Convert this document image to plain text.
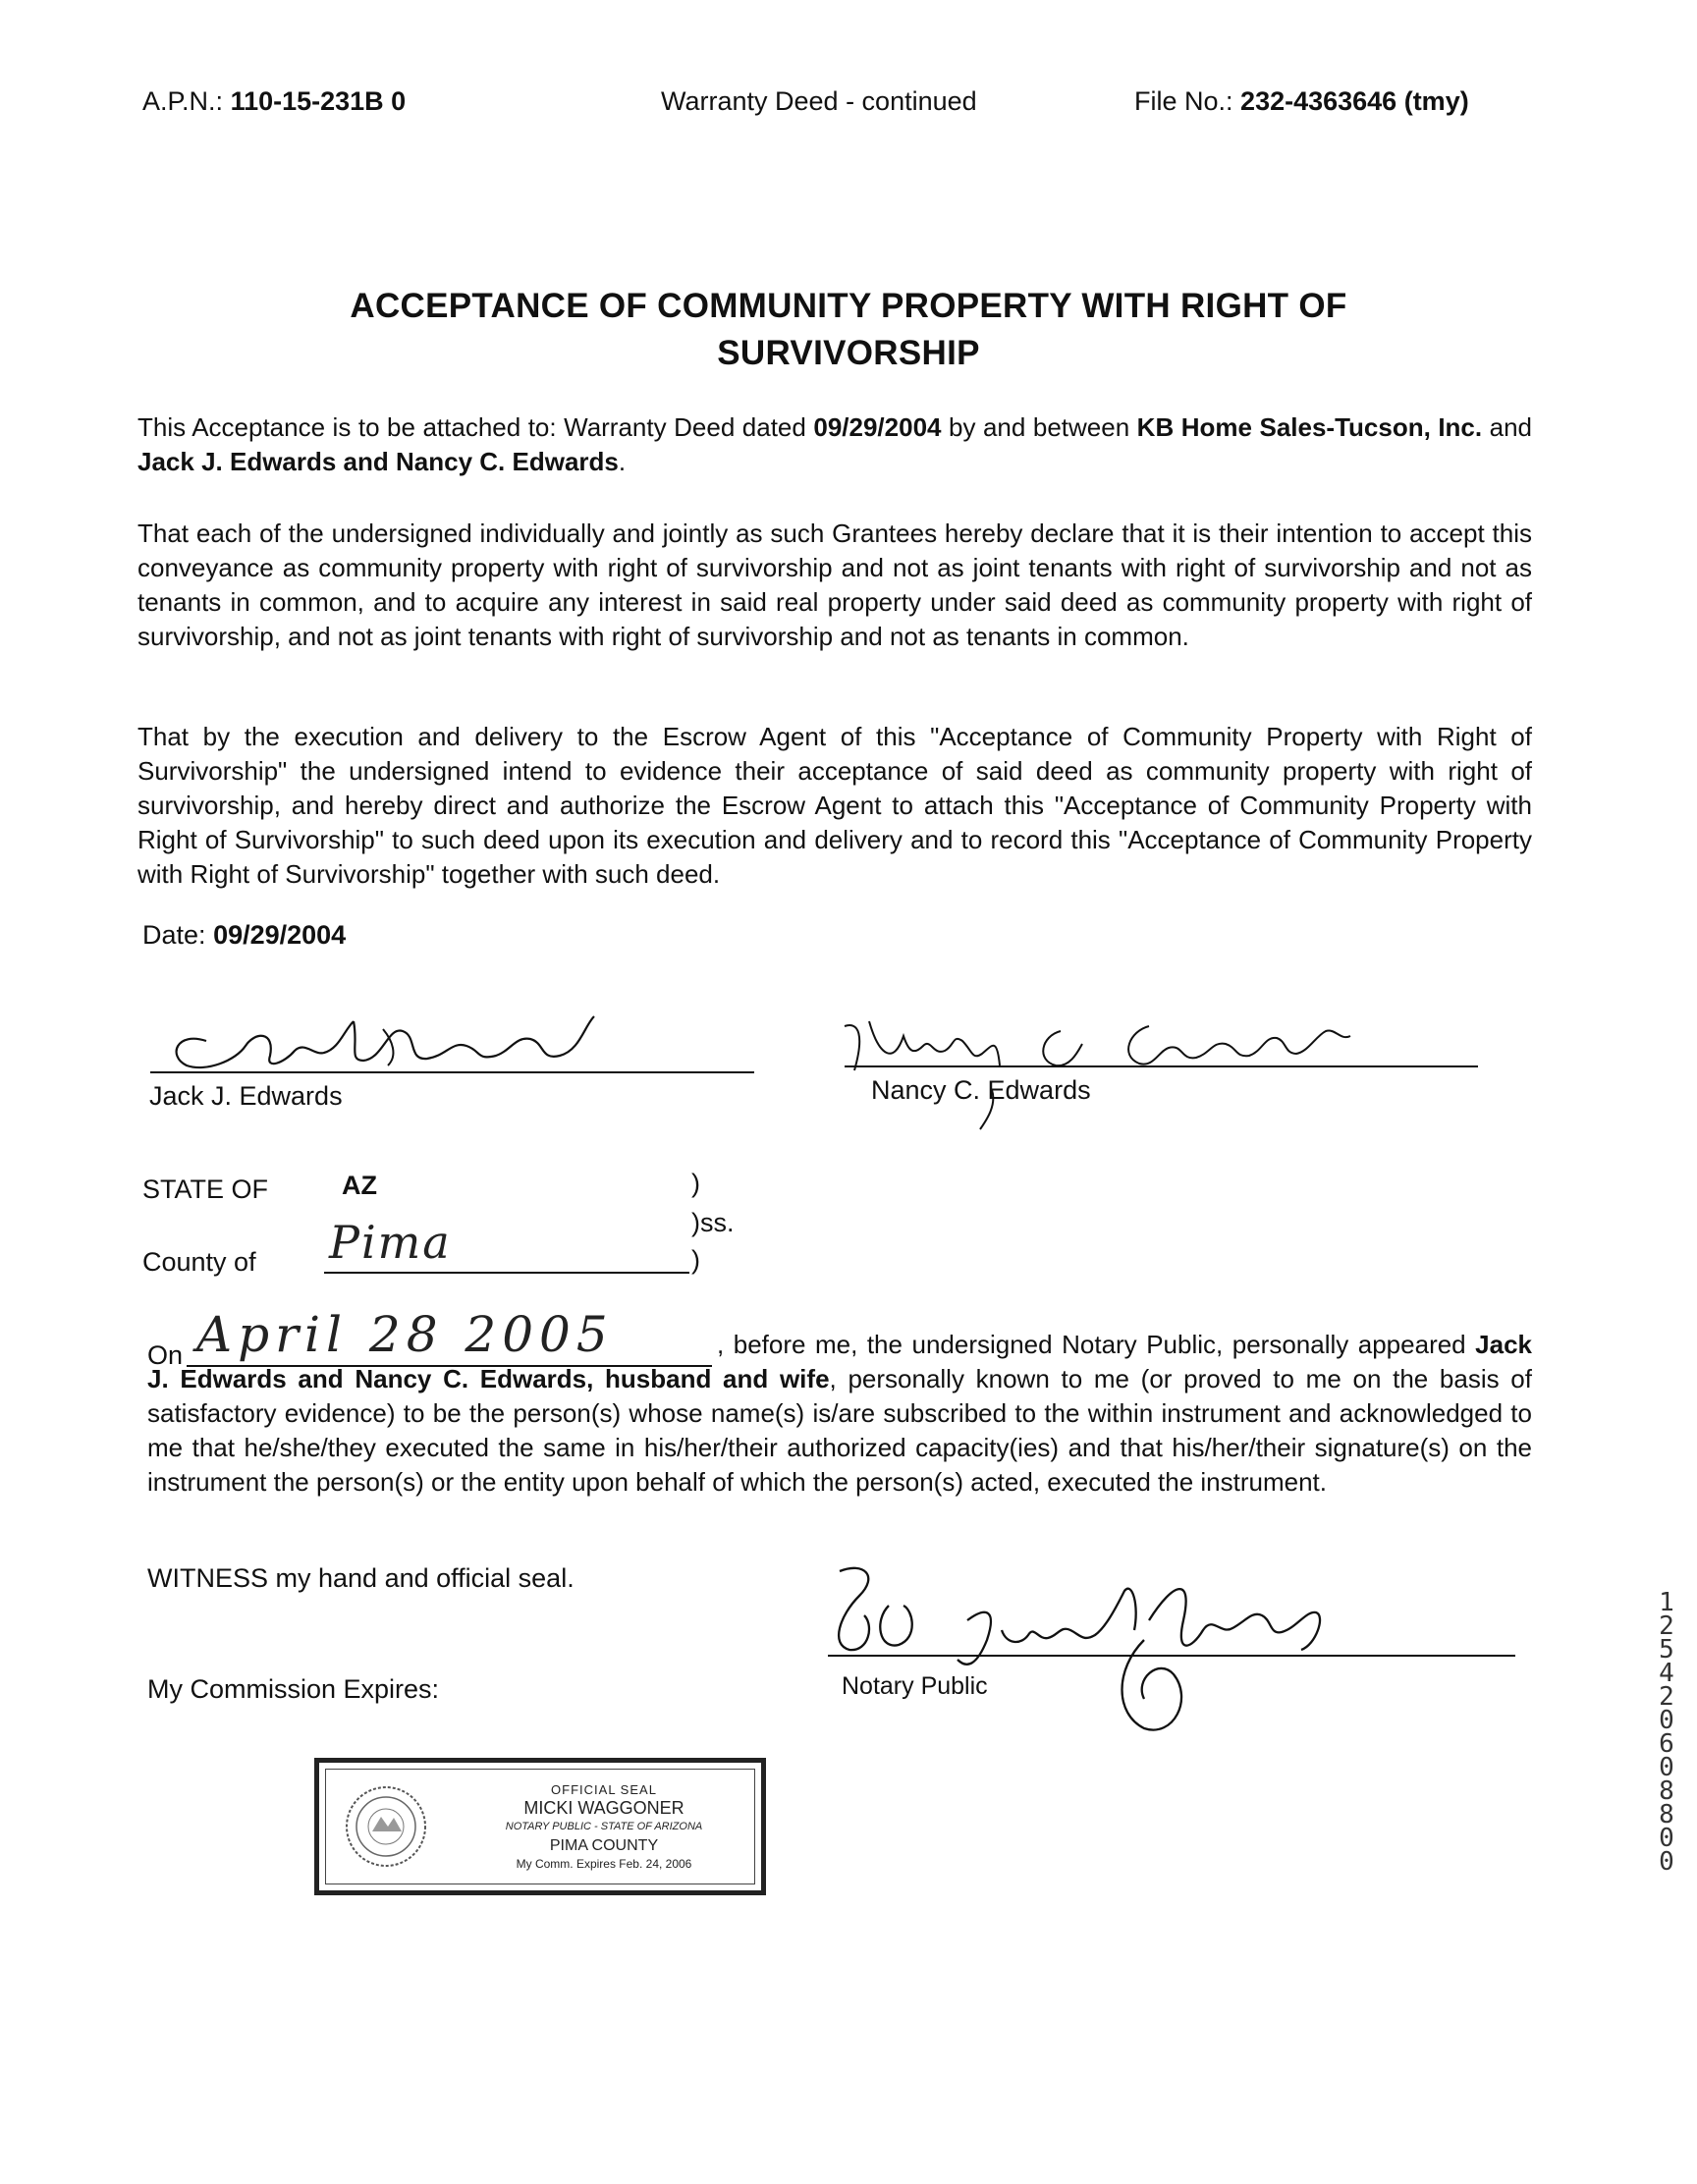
A.P.N.: 110-15-231B 0	Warranty Deed - continued	File No.: 232-4363646 (tmy)
ACCEPTANCE OF COMMUNITY PROPERTY WITH RIGHT OF
SURVIVORSHIP
This Acceptance is to be attached to: Warranty Deed dated 09/29/2004 by and between KB Home Sales-Tucson, Inc. and Jack J. Edwards and Nancy C. Edwards.
That each of the undersigned individually and jointly as such Grantees hereby declare that it is their intention to accept this conveyance as community property with right of survivorship and not as joint tenants with right of survivorship and not as tenants in common, and to acquire any interest in said real property under said deed as community property with right of survivorship, and not as joint tenants with right of survivorship and not as tenants in common.
That by the execution and delivery to the Escrow Agent of this "Acceptance of Community Property with Right of Survivorship" the undersigned intend to evidence their acceptance of said deed as community property with right of survivorship, and hereby direct and authorize the Escrow Agent to attach this "Acceptance of Community Property with Right of Survivorship" to such deed upon its execution and delivery and to record this "Acceptance of Community Property with Right of Survivorship" together with such deed.
Date: 09/29/2004
Jack J. Edwards	Nancy C. Edwards
STATE OF	AZ	)
)ss.
)
County of Pima
On April 28 2005	, before me, the undersigned Notary Public, personally appeared Jack J. Edwards and Nancy C. Edwards, husband and wife, personally known to me (or proved to me on the basis of satisfactory evidence) to be the person(s) whose name(s) is/are subscribed to the within instrument and acknowledged to me that he/she/they executed the same in his/her/their authorized capacity(ies) and that his/her/their signature(s) on the instrument the person(s) or the entity upon behalf of which the person(s) acted, executed the instrument.
WITNESS my hand and official seal.
My Commission Expires:	Notary Public
OFFICIAL SEAL
MICKI WAGGONER
NOTARY PUBLIC - STATE OF ARIZONA
PIMA COUNTY
My Comm. Expires Feb. 24, 2006
12542 0608800
